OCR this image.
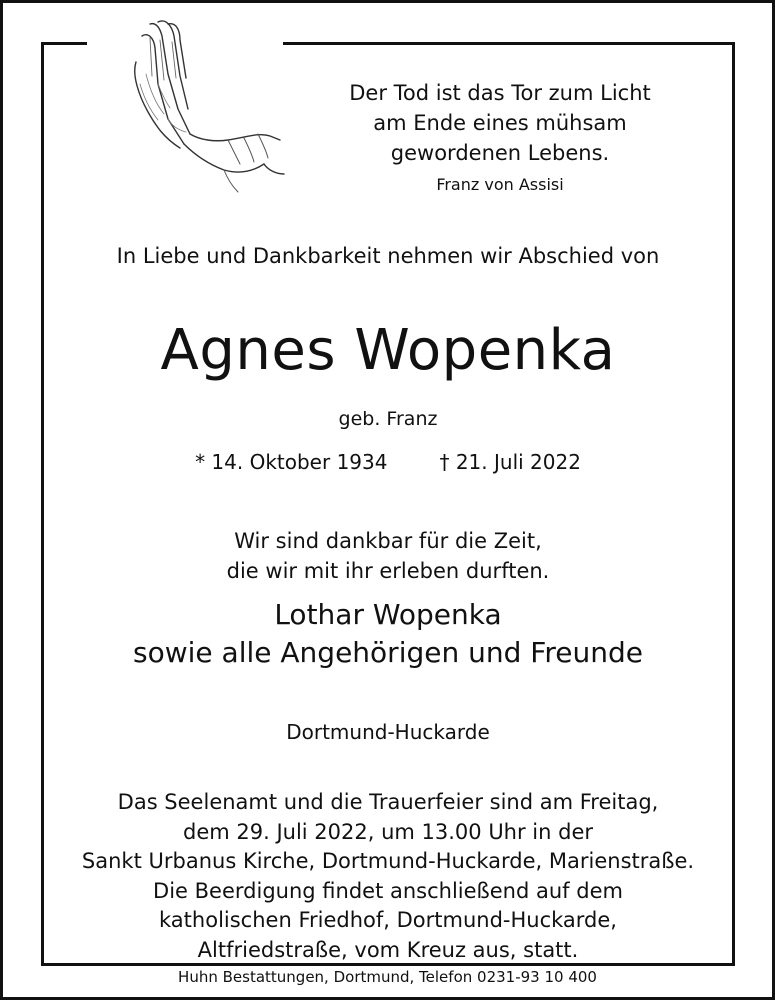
Der Tod ist das Tor zum Licht
am Ende eines mühsam
gewordenen Lebens.
Franz von Assisi
In Liebe und Dankbarkeit nehmen wir Abschied von
Agnes Wopenka
geb. Franz
* 14. Oktober 1934	† 21. Juli 2022
Wir sind dankbar für die Zeit,
die wir mit ihr erleben durften.
Lothar Wopenka
sowie alle Angehörigen und Freunde
Dortmund-Huckarde
Das Seelenamt und die Trauerfeier sind am Freitag,
dem 29. Juli 2022, um 13.00 Uhr in der
Sankt Urbanus Kirche, Dortmund-Huckarde, Marienstraße.
Die Beerdigung findet anschließend auf dem
katholischen Friedhof, Dortmund-Huckarde,
Altfriedstraße, vom Kreuz aus, statt.
Huhn Bestattungen, Dortmund, Telefon 0231-93 10 400
